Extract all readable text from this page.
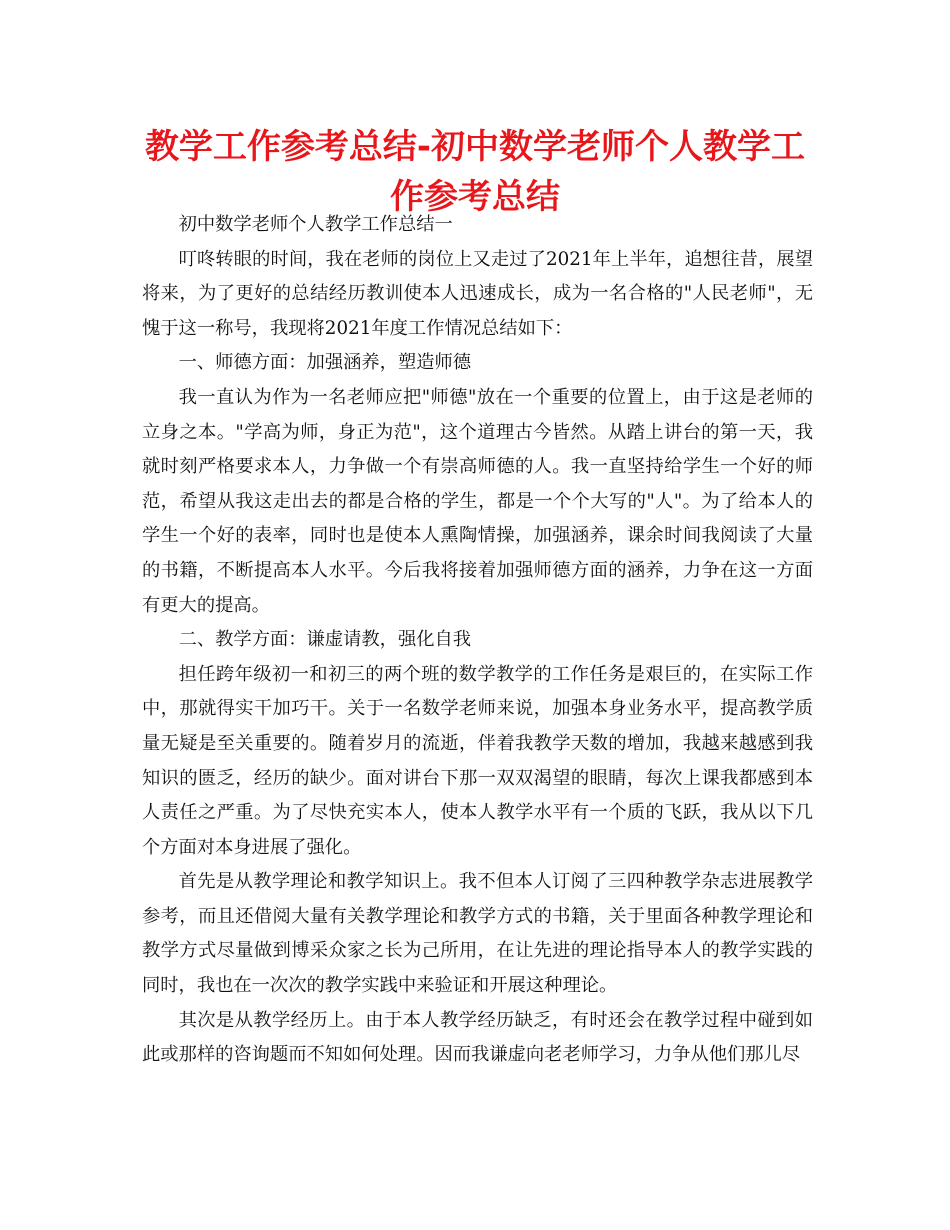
教学工作参考总结-初中数学老师个人教学工作参考总结

初中数学老师个人教学工作总结一

叮咚转眼的时间，我在老师的岗位上又走过了2021年上半年，追想往昔，展望将来，为了更好的总结经历教训使本人迅速成长，成为一名合格的"人民老师"，无愧于这一称号，我现将2021年度工作情况总结如下：

一、师德方面：加强涵养，塑造师德

我一直认为作为一名老师应把"师德"放在一个重要的位置上，由于这是老师的立身之本。"学高为师，身正为范"，这个道理古今皆然。从踏上讲台的第一天，我就时刻严格要求本人，力争做一个有崇高师德的人。我一直坚持给学生一个好的师范，希望从我这走出去的都是合格的学生，都是一个个大写的"人"。为了给本人的学生一个好的表率，同时也是使本人熏陶情操，加强涵养，课余时间我阅读了大量的书籍，不断提高本人水平。今后我将接着加强师德方面的涵养，力争在这一方面有更大的提高。

二、教学方面：谦虚请教，强化自我

担任跨年级初一和初三的两个班的数学教学的工作任务是艰巨的，在实际工作中，那就得实干加巧干。关于一名数学老师来说，加强本身业务水平，提高教学质量无疑是至关重要的。随着岁月的流逝，伴着我教学天数的增加，我越来越感到我知识的匮乏，经历的缺少。面对讲台下那一双双渴望的眼睛，每次上课我都感到本人责任之严重。为了尽快充实本人，使本人教学水平有一个质的飞跃，我从以下几个方面对本身进展了强化。

首先是从教学理论和教学知识上。我不但本人订阅了三四种教学杂志进展教学参考，而且还借阅大量有关教学理论和教学方式的书籍，关于里面各种教学理论和教学方式尽量做到博采众家之长为己所用，在让先进的理论指导本人的教学实践的同时，我也在一次次的教学实践中来验证和开展这种理论。

其次是从教学经历上。由于本人教学经历缺乏，有时还会在教学过程中碰到如此或那样的咨询题而不知如何处理。因而我谦虚向老老师学习，力争从他们那儿尽
